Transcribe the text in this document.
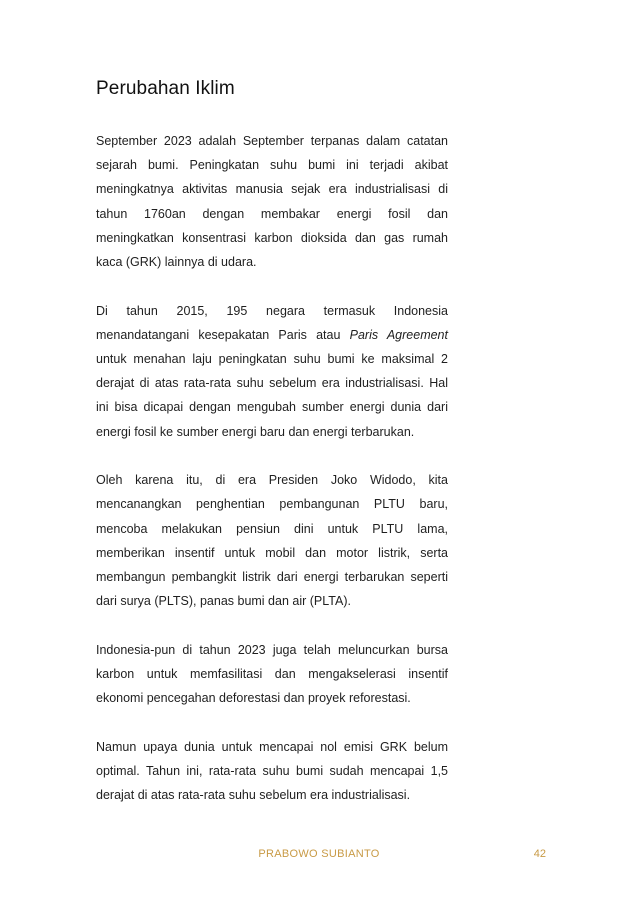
Perubahan Iklim

September 2023 adalah September terpanas dalam catatan sejarah bumi. Peningkatan suhu bumi ini terjadi akibat meningkatnya aktivitas manusia sejak era industrialisasi di tahun 1760an dengan membakar energi fosil dan meningkatkan konsentrasi karbon dioksida dan gas rumah kaca (GRK) lainnya di udara.

Di tahun 2015, 195 negara termasuk Indonesia menandatangani kesepakatan Paris atau Paris Agreement untuk menahan laju peningkatan suhu bumi ke maksimal 2 derajat di atas rata-rata suhu sebelum era industrialisasi. Hal ini bisa dicapai dengan mengubah sumber energi dunia dari energi fosil ke sumber energi baru dan energi terbarukan.

Oleh karena itu, di era Presiden Joko Widodo, kita mencanangkan penghentian pembangunan PLTU baru, mencoba melakukan pensiun dini untuk PLTU lama, memberikan insentif untuk mobil dan motor listrik, serta membangun pembangkit listrik dari energi terbarukan seperti dari surya (PLTS), panas bumi dan air (PLTA).

Indonesia-pun di tahun 2023 juga telah meluncurkan bursa karbon untuk memfasilitasi dan mengakselerasi insentif ekonomi pencegahan deforestasi dan proyek reforestasi.

Namun upaya dunia untuk mencapai nol emisi GRK belum optimal. Tahun ini, rata-rata suhu bumi sudah mencapai 1,5 derajat di atas rata-rata suhu sebelum era industrialisasi.

PRABOWO SUBIANTO	42
